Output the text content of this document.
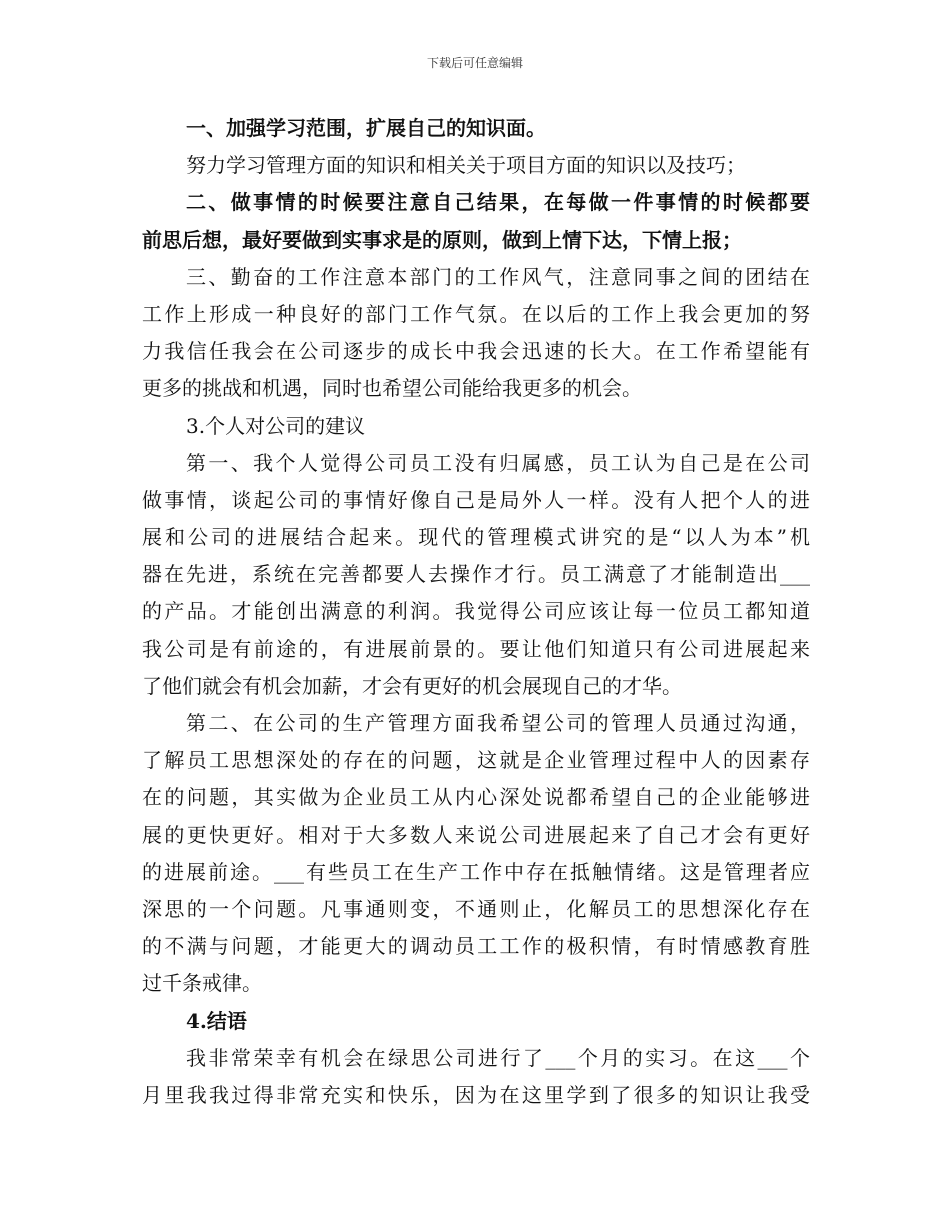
下载后可任意编辑
一、加强学习范围，扩展自己的知识面。
努力学习管理方面的知识和相关关于项目方面的知识以及技巧；
二、做事情的时候要注意自己结果，在每做一件事情的时候都要
前思后想，最好要做到实事求是的原则，做到上情下达，下情上报；
三、勤奋的工作注意本部门的工作风气，注意同事之间的团结在
工作上形成一种良好的部门工作气氛。在以后的工作上我会更加的努
力我信任我会在公司逐步的成长中我会迅速的长大。在工作希望能有
更多的挑战和机遇，同时也希望公司能给我更多的机会。
3.个人对公司的建议
第一、我个人觉得公司员工没有归属感，员工认为自己是在公司
做事情，谈起公司的事情好像自己是局外人一样。没有人把个人的进
展和公司的进展结合起来。现代的管理模式讲究的是“以人为本”机
器在先进，系统在完善都要人去操作才行。员工满意了才能制造出___
的产品。才能创出满意的利润。我觉得公司应该让每一位员工都知道
我公司是有前途的，有进展前景的。要让他们知道只有公司进展起来
了他们就会有机会加薪，才会有更好的机会展现自己的才华。
第二、在公司的生产管理方面我希望公司的管理人员通过沟通，
了解员工思想深处的存在的问题，这就是企业管理过程中人的因素存
在的问题，其实做为企业员工从内心深处说都希望自己的企业能够进
展的更快更好。相对于大多数人来说公司进展起来了自己才会有更好
的进展前途。___有些员工在生产工作中存在抵触情绪。这是管理者应
深思的一个问题。凡事通则变，不通则止，化解员工的思想深化存在
的不满与问题，才能更大的调动员工工作的极积情，有时情感教育胜
过千条戒律。
4.结语
我非常荣幸有机会在绿思公司进行了___个月的实习。在这___个
月里我我过得非常充实和快乐，因为在这里学到了很多的知识让我受
